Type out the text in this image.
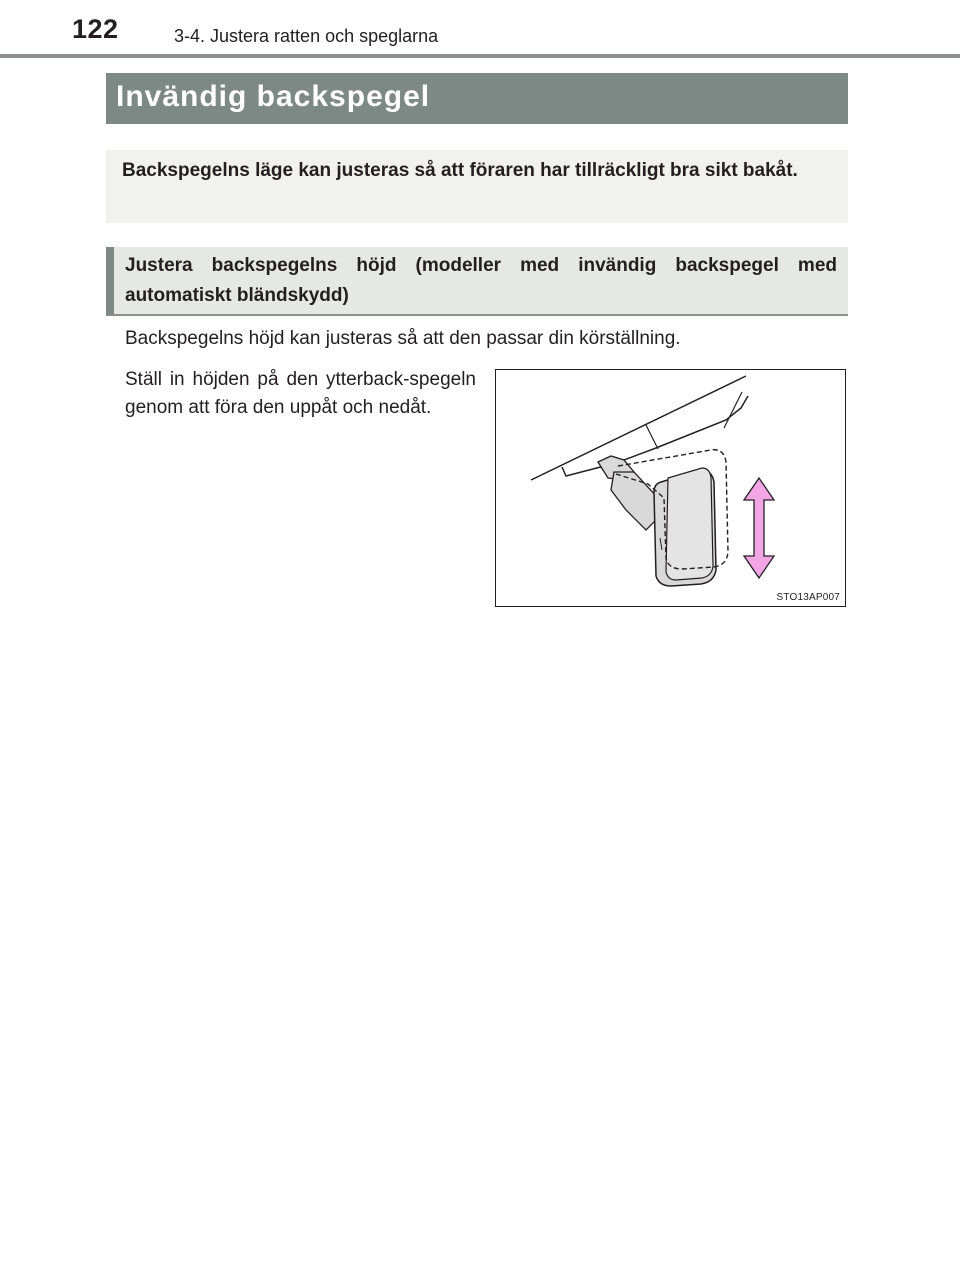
122	3-4. Justera ratten och speglarna
Invändig backspegel

Backspegelns läge kan justeras så att föraren har tillräckligt bra sikt bakåt.

Justera backspegelns höjd (modeller med invändig backspegel med automatiskt bländskydd)

Backspegelns höjd kan justeras så att den passar din körställning.

Ställ in höjden på den ytterback-spegeln genom att föra den uppåt och nedåt.

STO13AP007
